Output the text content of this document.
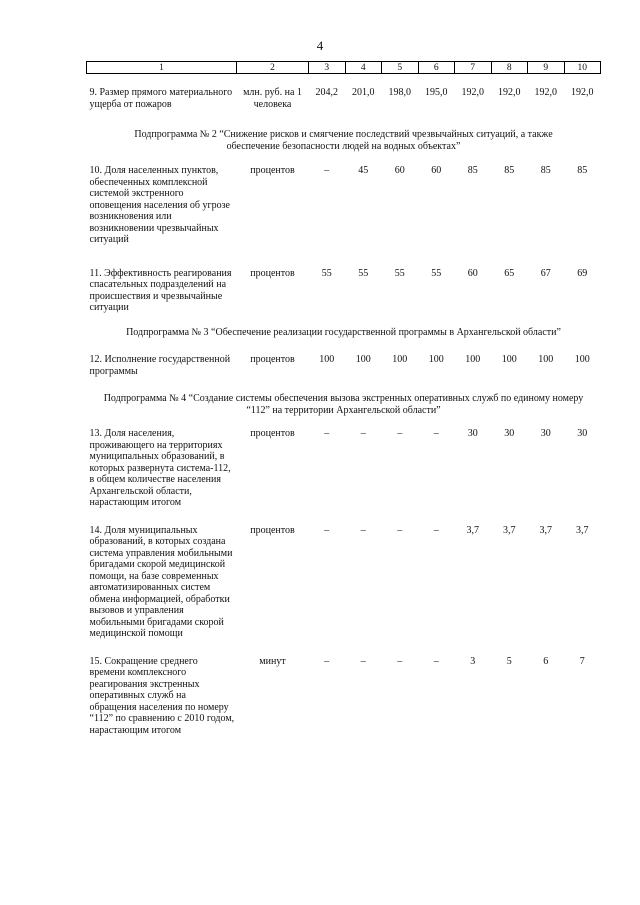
4
1	2	3	4	5	6	7	8	9	10
9. Размер прямого материального ущерба от пожаров	млн. руб. на 1 человека	204,2	201,0	198,0	195,0	192,0	192,0	192,0	192,0
Подпрограмма № 2 “Снижение рисков и смягчение последствий чрезвычайных ситуаций, а также обеспечение безопасности людей на водных объектах”									
10. Доля населенных пунктов, обеспеченных комплексной системой экстренного оповещения населения об угрозе возникновения или возникновении чрезвычайных ситуаций	процентов	–	45	60	60	85	85	85	85
11. Эффективность реагирования спасательных подразделений на происшествия и чрезвычайные ситуации	процентов	55	55	55	55	60	65	67	69
Подпрограмма № 3 “Обеспечение реализации государственной программы в Архангельской области”									
12. Исполнение государственной программы	процентов	100	100	100	100	100	100	100	100
Подпрограмма № 4 “Создание системы обеспечения вызова экстренных оперативных служб по единому номеру “112” на территории Архангельской области”									
13. Доля населения, проживающего на территориях муниципальных образований, в которых развернута система-112, в общем количестве населения Архангельской области, нарастающим итогом	процентов	–	–	–	–	30	30	30	30
14. Доля муниципальных образований, в которых создана система управления мобильными бригадами скорой медицинской помощи, на базе современных автоматизированных систем обмена информацией, обработки вызовов и управления мобильными бригадами скорой медицинской помощи	процентов	–	–	–	–	3,7	3,7	3,7	3,7
15. Сокращение среднего времени комплексного реагирования экстренных оперативных служб на обращения населения по номеру “112” по сравнению с 2010 годом, нарастающим итогом	минут	–	–	–	–	3	5	6	7
